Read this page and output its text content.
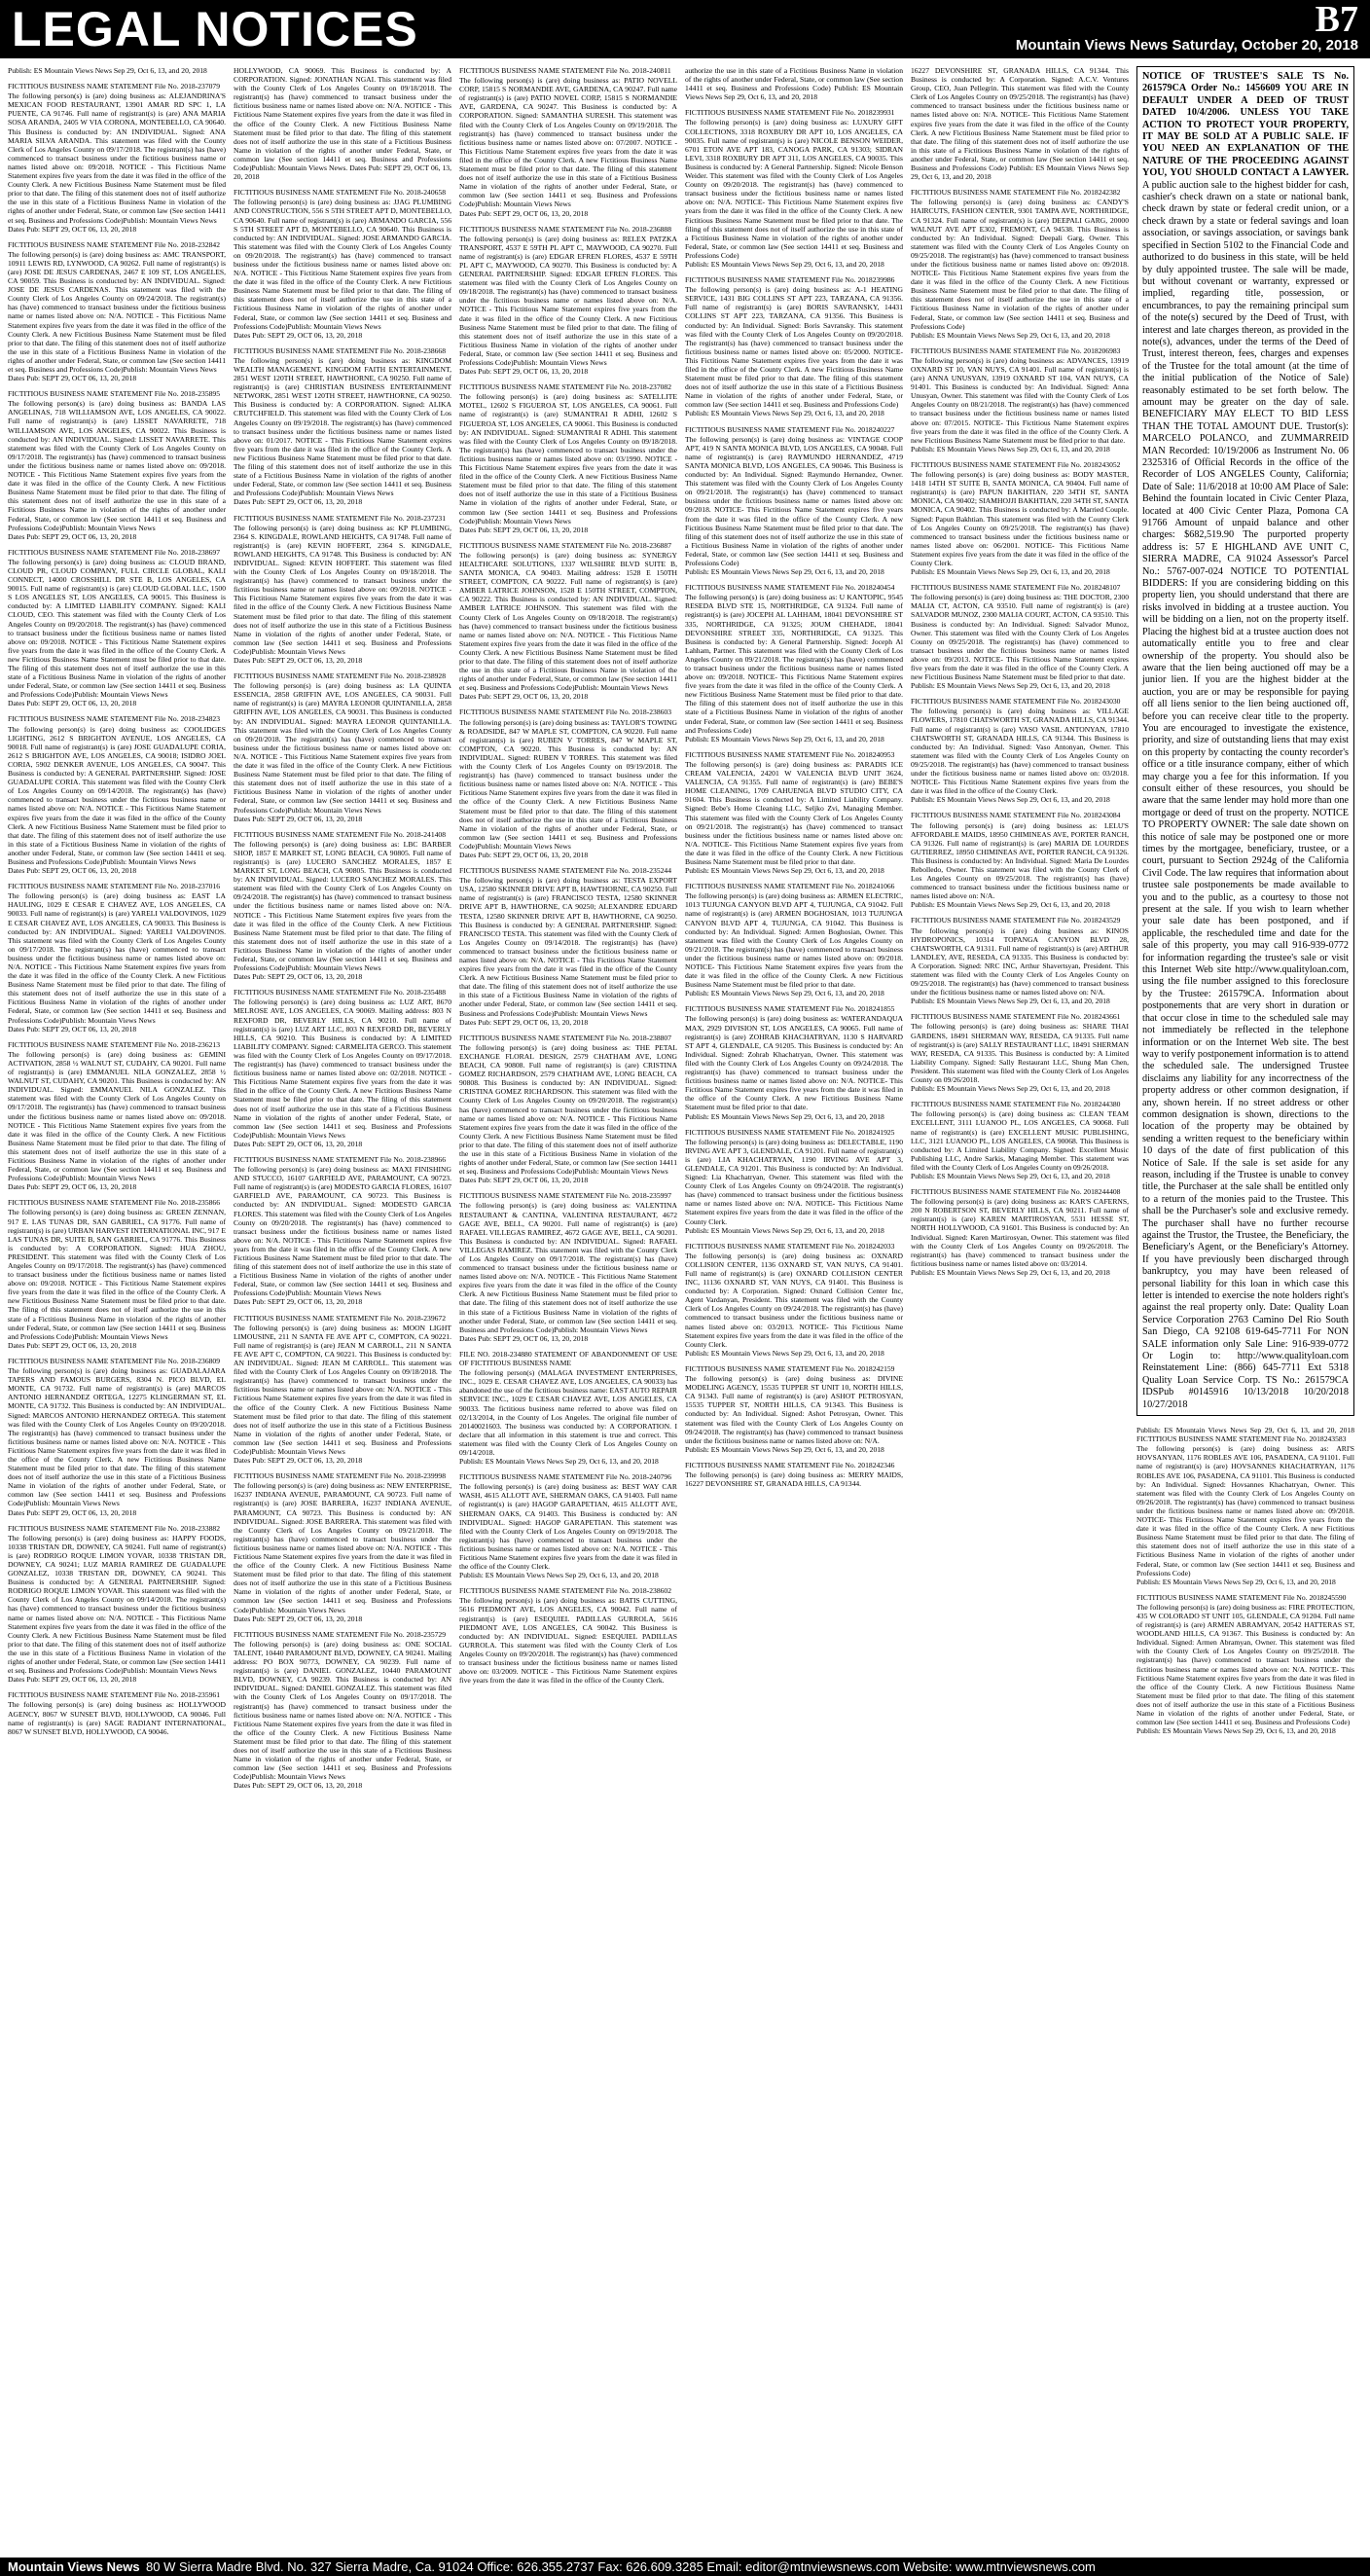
LEGAL NOTICES	B7
Mountain Views News Saturday, October 20, 2018
Publish: ES Mountain Views News Sep 29, Oct 6, 13, and 20, 2018
FICTITIOUS BUSINESS NAME STATEMENT File No. 2018-237079
The following person(s) is (are) doing business as: ALEJANDRINA'S MEXICAN FOOD RESTAURANT, 13901 AMAR RD SPC 1, LA PUENTE, CA 91746. Full name of registrant(s) is (are) ANA MARIA SOSA ARANDA, 2405 W VIA CORONA, MONTEBELLO, CA 90640. This Business is conducted by: AN INDIVIDUAL. Signed: ANA MARIA SILVA ARANDA. This statement was filed with the County Clerk of Los Angeles County on 09/17/2018. The registrant(s) has (have) commenced to transact business under the fictitious business name or names listed above on: 09/2018. NOTICE - This Fictitious Name Statement expires five years from the date it was filed in the office of the County Clerk. A new Fictitious Business Name Statement must be filed prior to that date. The filing of this statement does not of itself authorize the use in this state of a Fictitious Business Name in violation of the rights of another under Federal, State, or common law (See section 14411 et seq. Business and Professions Code)Publish: Mountain Views News
Dates Pub: SEPT 29, OCT 06, 13, 20, 2018
FICTITIOUS BUSINESS NAME STATEMENT File No. 2018-232842
The following person(s) is (are) doing business as: AMC TRANSPORT, 10911 LEWIS RD, LYNWOOD, CA 90262. Full name of registrant(s) is (are) JOSE DE JESUS CARDENAS, 2467 E 109 ST, LOS ANGELES, CA 90059. This Business is conducted by: AN INDIVIDUAL. Signed: JOSE DE JESUS CARDENAS. This statement was filed with the County Clerk of Los Angeles County on 09/24/2018. The registrant(s) has (have) commenced to transact business under the fictitious business name or names listed above on: N/A. NOTICE - This Fictitious Name Statement expires five years from the date it was filed in the office of the County Clerk. A new Fictitious Business Name Statement must be filed prior to that date. The filing of this statement does not of itself authorize the use in this state of a Fictitious Business Name in violation of the rights of another under Federal, State, or common law (See section 14411 et seq. Business and Professions Code)Publish: Mountain Views News
Dates Pub: SEPT 29, OCT 06, 13, 20, 2018
FICTITIOUS BUSINESS NAME STATEMENT File No. 2018-235895
The following person(s) is (are) doing business as: BANDA LAS ANGELINAS, 718 WILLIAMSON AVE, LOS ANGELES, CA 90022. Full name of registrant(s) is (are) LISSET NAVARRETE, 718 WILLIAMSON AVE, LOS ANGELES, CA 90022. This Business is conducted by: AN INDIVIDUAL. Signed: LISSET NAVARRETE. This statement was filed with the County Clerk of Los Angeles County on 09/17/2018. The registrant(s) has (have) commenced to transact business under the fictitious business name or names listed above on: 09/2018. NOTICE - This Fictitious Name Statement expires five years from the date it was filed in the office of the County Clerk. A new Fictitious Business Name Statement must be filed prior to that date. The filing of this statement does not of itself authorize the use in this state of a Fictitious Business Name in violation of the rights of another under Federal, State, or common law (See section 14411 et seq. Business and Professions Code)Publish: Mountain Views News
Dates Pub: SEPT 29, OCT 06, 13, 20, 2018
FICTITIOUS BUSINESS NAME STATEMENT File No. 2018-238697
The following person(s) is (are) doing business as: CLOUD BRAND, CLOUD PR, CLOUD COMPANY, FULL CIRCLE GLOBAL, KALI CONNECT, 14000 CROSSHILL DR STE B, LOS ANGELES, CA 90015. Full name of registrant(s) is (are) CLOUD GLOBAL LLC, 1500 S LOS ANGELES ST, LOS ANGELES, CA 90015. This Business is conducted by: A LIMITED LIABILITY COMPANY. Signed: KALI CLOUD, CEO. This statement was filed with the County Clerk of Los Angeles County on 09/20/2018. The registrant(s) has (have) commenced to transact business under the fictitious business name or names listed above on: 09/2018. NOTICE - This Fictitious Name Statement expires five years from the date it was filed in the office of the County Clerk. A new Fictitious Business Name Statement must be filed prior to that date. The filing of this statement does not of itself authorize the use in this state of a Fictitious Business Name in violation of the rights of another under Federal, State, or common law (See section 14411 et seq. Business and Professions Code)Publish: Mountain Views News
Dates Pub: SEPT 29, OCT 06, 13, 20, 2018
FICTITIOUS BUSINESS NAME STATEMENT File No. 2018-234823
The following person(s) is (are) doing business as: COOLIDGES LIGHTING, 2612 S BRIGHTON AVENUE, LOS ANGELES, CA 90018. Full name of registrant(s) is (are) JOSE GUADALUPE CORIA, 2612 S BRIGHTON AVE, LOS ANGELES, CA 90018; ISIDRO JOEL CORIA, 5902 DENKER AVENUE, LOS ANGELES, CA 90047. This Business is conducted by: A GENERAL PARTNERSHIP. Signed: JOSE GUADALUPE CORIA. This statement was filed with the County Clerk of Los Angeles County on 09/14/2018. The registrant(s) has (have) commenced to transact business under the fictitious business name or names listed above on: N/A. NOTICE - This Fictitious Name Statement expires five years from the date it was filed in the office of the County Clerk. A new Fictitious Business Name Statement must be filed prior to that date. The filing of this statement does not of itself authorize the use in this state of a Fictitious Business Name in violation of the rights of another under Federal, State, or common law (See section 14411 et seq. Business and Professions Code)Publish: Mountain Views News
Dates Pub: SEPT 29, OCT 06, 13, 20, 2018
FICTITIOUS BUSINESS NAME STATEMENT File No. 2018-237016
The following person(s) is (are) doing business as: EAST LA HAULING, 1029 E CESAR E CHAVEZ AVE, LOS ANGELES, CA 90033. Full name of registrant(s) is (are) YARELI VALDOVINOS, 1029 E CESAR CHAVEZ AVE, LOS ANGELES, CA 90033. This Business is conducted by: AN INDIVIDUAL. Signed: YARELI VALDOVINOS. This statement was filed with the County Clerk of Los Angeles County on 09/17/2018. The registrant(s) has (have) commenced to transact business under the fictitious business name or names listed above on: N/A. NOTICE - This Fictitious Name Statement expires five years from the date it was filed in the office of the County Clerk. A new Fictitious Business Name Statement must be filed prior to that date. The filing of this statement does not of itself authorize the use in this state of a Fictitious Business Name in violation of the rights of another under Federal, State, or common law (See section 14411 et seq. Business and Professions Code)Publish: Mountain Views News
Dates Pub: SEPT 29, OCT 06, 13, 20, 2018
FICTITIOUS BUSINESS NAME STATEMENT File No. 2018-236213
The following person(s) is (are) doing business as: GEMINI ACTIVATION, 2858 ½ WALNUT ST, CUDAHY, CA 90201. Full name of registrant(s) is (are) EMMANUEL NILA GONZALEZ, 2858 ½ WALNUT ST, CUDAHY, CA 90201. This Business is conducted by: AN INDIVIDUAL. Signed: EMMANUEL NILA GONZALEZ. This statement was filed with the County Clerk of Los Angeles County on 09/17/2018. The registrant(s) has (have) commenced to transact business under the fictitious business name or names listed above on: 09/2018. NOTICE - This Fictitious Name Statement expires five years from the date it was filed in the office of the County Clerk. A new Fictitious Business Name Statement must be filed prior to that date. The filing of this statement does not of itself authorize the use in this state of a Fictitious Business Name in violation of the rights of another under Federal, State, or common law (See section 14411 et seq. Business and Professions Code)Publish: Mountain Views News
Dates Pub: SEPT 29, OCT 06, 13, 20, 2018
FICTITIOUS BUSINESS NAME STATEMENT File No. 2018-235866
The following person(s) is (are) doing business as: GREEN ZENNAN, 917 E. LAS TUNAS DR, SAN GABRIEL, CA 91776. Full name of registrant(s) is (are) URBAN HARVEST INTERNATIONAL INC, 917 E LAS TUNAS DR, SUITE B, SAN GABRIEL, CA 91776. This Business is conducted by: A CORPORATION. Signed: HUA ZHOU, PRESIDENT. This statement was filed with the County Clerk of Los Angeles County on 09/17/2018. The registrant(s) has (have) commenced to transact business under the fictitious business name or names listed above on: 09/2018. NOTICE - This Fictitious Name Statement expires five years from the date it was filed in the office of the County Clerk. A new Fictitious Business Name Statement must be filed prior to that date. The filing of this statement does not of itself authorize the use in this state of a Fictitious Business Name in violation of the rights of another under Federal, State, or common law (See section 14411 et seq. Business and Professions Code)Publish: Mountain Views News
Dates Pub: SEPT 29, OCT 06, 13, 20, 2018
FICTITIOUS BUSINESS NAME STATEMENT File No. 2018-236809
The following person(s) is (are) doing business as: GUADALAJARA TAPERS AND FAMOUS BURGERS, 8304 N. PICO BLVD, EL MONTE, CA 91732. Full name of registrant(s) is (are) MARCOS ANTONIO HERNANDEZ ORTEGA, 12275 KLINGERMAN ST, EL MONTE, CA 91732. This Business is conducted by: AN INDIVIDUAL. Signed: MARCOS ANTONIO HERNANDEZ ORTEGA. This statement was filed with the County Clerk of Los Angeles County on 09/20/2018. The registrant(s) has (have) commenced to transact business under the fictitious business name or names listed above on: N/A. NOTICE - This Fictitious Name Statement expires five years from the date it was filed in the office of the County Clerk. A new Fictitious Business Name Statement must be filed prior to that date. The filing of this statement does not of itself authorize the use in this state of a Fictitious Business Name in violation of the rights of another under Federal, State, or common law (See section 14411 et seq. Business and Professions Code)Publish: Mountain Views News
Dates Pub: SEPT 29, OCT 06, 13, 20, 2018
FICTITIOUS BUSINESS NAME STATEMENT File No. 2018-233882
The following person(s) is (are) doing business as: HAPPY FOODS, 10338 TRISTAN DR, DOWNEY, CA 90241. Full name of registrant(s) is (are) RODRIGO ROQUE LIMON YOVAR, 10338 TRISTAN DR, DOWNEY, CA 90241; LUZ MARIA RAMIREZ DE GUADALUPE GONZALEZ, 10338 TRISTAN DR, DOWNEY, CA 90241. This Business is conducted by: A GENERAL PARTNERSHIP. Signed: RODRIGO ROQUE LIMON YOVAR. This statement was filed with the County Clerk of Los Angeles County on 09/14/2018. The registrant(s) has (have) commenced to transact business under the fictitious business name or names listed above on: N/A. NOTICE - This Fictitious Name Statement expires five years from the date it was filed in the office of the County Clerk. A new Fictitious Business Name Statement must be filed prior to that date. The filing of this statement does not of itself authorize the use in this state of a Fictitious Business Name in violation of the rights of another under Federal, State, or common law (See section 14411 et seq. Business and Professions Code)Publish: Mountain Views News
Dates Pub: SEPT 29, OCT 06, 13, 20, 2018
FICTITIOUS BUSINESS NAME STATEMENT File No. 2018-235961
The following person(s) is (are) doing business as: HOLLYWOOD AGENCY, 8067 W SUNSET BLVD, HOLLYWOOD, CA 90046. Full name of registrant(s) is (are) SAGE RADIANT INTERNATIONAL, 8067 W SUNSET BLVD, HOLLYWOOD, CA 90046.
HOLLYWOOD, CA 90069. This Business is conducted by: A CORPORATION. Signed: JONATHAN NGAI. This statement was filed with the County Clerk of Los Angeles County on 09/18/2018. The registrant(s) has (have) commenced to transact business under the fictitious business name or names listed above on: N/A. NOTICE - This Fictitious Name Statement expires five years from the date it was filed in the office of the County Clerk. A new Fictitious Business Name Statement must be filed prior to that date. The filing of this statement does not of itself authorize the use in this state of a Fictitious Business Name in violation of the rights of another under Federal, State, or common law (See section 14411 et seq. Business and Professions Code)Publish: Mountain Views News. Dates Pub: SEPT 29, OCT 06, 13, 20, 2018
FICTITIOUS BUSINESS NAME STATEMENT File No. 2018-240658
The following person(s) is (are) doing business as: JJAG PLUMBING AND CONSTRUCTION, 556 S 5TH STREET APT D, MONTEBELLO, CA 90640. Full name of registrant(s) is (are) ARMANDO GARCIA, 556 S 5TH STREET APT D, MONTEBELLO, CA 90640. This Business is conducted by: AN INDIVIDUAL. Signed: JOSE ARMANDO GARCIA. This statement was filed with the County Clerk of Los Angeles County on 09/20/2018. The registrant(s) has (have) commenced to transact business under the fictitious business name or names listed above on: N/A. NOTICE - This Fictitious Name Statement expires five years from the date it was filed in the office of the County Clerk. A new Fictitious Business Name Statement must be filed prior to that date. The filing of this statement does not of itself authorize the use in this state of a Fictitious Business Name in violation of the rights of another under Federal, State, or common law (See section 14411 et seq. Business and Professions Code)Publish: Mountain Views News
Dates Pub: SEPT 29, OCT 06, 13, 20, 2018
FICTITIOUS BUSINESS NAME STATEMENT File No. 2018-238668
The following person(s) is (are) doing business as: KINGDOM WEALTH MANAGEMENT, KINGDOM FAITH ENTERTAINMENT, 2851 WEST 120TH STREET, HAWTHORNE, CA 90250. Full name of registrant(s) is (are) CHRISTIAN BUSINESS ENTERTAINMENT NETWORK, 2851 WEST 120TH STREET, HAWTHORNE, CA 90250. This Business is conducted by: A CORPORATION. Signed: ALIKA CRUTCHFIELD. This statement was filed with the County Clerk of Los Angeles County on 09/19/2018. The registrant(s) has (have) commenced to transact business under the fictitious business name or names listed above on: 01/2017. NOTICE - This Fictitious Name Statement expires five years from the date it was filed in the office of the County Clerk. A new Fictitious Business Name Statement must be filed prior to that date. The filing of this statement does not of itself authorize the use in this state of a Fictitious Business Name in violation of the rights of another under Federal, State, or common law (See section 14411 et seq. Business and Professions Code)Publish: Mountain Views News
Dates Pub: SEPT 29, OCT 06, 13, 20, 2018
FICTITIOUS BUSINESS NAME STATEMENT File No. 2018-237231
The following person(s) is (are) doing business as: KP PLUMBING, 2364 S. KINGDALE, ROWLAND HEIGHTS, CA 91748. Full name of registrant(s) is (are) KEVIN HOFFERT, 2364 S. KINGDALE, ROWLAND HEIGHTS, CA 91748. This Business is conducted by: AN INDIVIDUAL. Signed: KEVIN HOFFERT. This statement was filed with the County Clerk of Los Angeles County on 09/18/2018. The registrant(s) has (have) commenced to transact business under the fictitious business name or names listed above on: 09/2018. NOTICE - This Fictitious Name Statement expires five years from the date it was filed in the office of the County Clerk. A new Fictitious Business Name Statement must be filed prior to that date. The filing of this statement does not of itself authorize the use in this state of a Fictitious Business Name in violation of the rights of another under Federal, State, or common law (See section 14411 et seq. Business and Professions Code)Publish: Mountain Views News
Dates Pub: SEPT 29, OCT 06, 13, 20, 2018
FICTITIOUS BUSINESS NAME STATEMENT File No. 2018-238928
The following person(s) is (are) doing business as: LA QUINTA ESSENCIA, 2858 GRIFFIN AVE, LOS ANGELES, CA 90031. Full name of registrant(s) is (are) MAYRA LEONOR QUINTANILLA, 2858 GRIFFIN AVE, LOS ANGELES, CA 90031. This Business is conducted by: AN INDIVIDUAL. Signed: MAYRA LEONOR QUINTANILLA. This statement was filed with the County Clerk of Los Angeles County on 09/20/2018. The registrant(s) has (have) commenced to transact business under the fictitious business name or names listed above on: N/A. NOTICE - This Fictitious Name Statement expires five years from the date it was filed in the office of the County Clerk. A new Fictitious Business Name Statement must be filed prior to that date. The filing of this statement does not of itself authorize the use in this state of a Fictitious Business Name in violation of the rights of another under Federal, State, or common law (See section 14411 et seq. Business and Professions Code)Publish: Mountain Views News
Dates Pub: SEPT 29, OCT 06, 13, 20, 2018
FICTITIOUS BUSINESS NAME STATEMENT File No. 2018-241408
The following person(s) is (are) doing business as: LBC BARBER SHOP, 1857 E MARKET ST, LONG BEACH, CA 90805. Full name of registrant(s) is (are) LUCERO SANCHEZ MORALES, 1857 E MARKET ST, LONG BEACH, CA 90805. This Business is conducted by: AN INDIVIDUAL. Signed: LUCERO SANCHEZ MORALES. This statement was filed with the County Clerk of Los Angeles County on 09/24/2018. The registrant(s) has (have) commenced to transact business under the fictitious business name or names listed above on: N/A. NOTICE - This Fictitious Name Statement expires five years from the date it was filed in the office of the County Clerk. A new Fictitious Business Name Statement must be filed prior to that date. The filing of this statement does not of itself authorize the use in this state of a Fictitious Business Name in violation of the rights of another under Federal, State, or common law (See section 14411 et seq. Business and Professions Code)Publish: Mountain Views News
Dates Pub: SEPT 29, OCT 06, 13, 20, 2018
FICTITIOUS BUSINESS NAME STATEMENT File No. 2018-235488
The following person(s) is (are) doing business as: LUZ ART, 8670 MELROSE AVE, LOS ANGELES, CA 90069. Mailing address: 803 N REXFORD DR, BEVERLY HILLS, CA 90210. Full name of registrant(s) is (are) LUZ ART LLC, 803 N REXFORD DR, BEVERLY HILLS, CA 90210. This Business is conducted by: A LIMITED LIABILITY COMPANY. Signed: CARMELITA GERCO. This statement was filed with the County Clerk of Los Angeles County on 09/17/2018. The registrant(s) has (have) commenced to transact business under the fictitious business name or names listed above on: 02/2018. NOTICE - This Fictitious Name Statement expires five years from the date it was filed in the office of the County Clerk. A new Fictitious Business Name Statement must be filed prior to that date. The filing of this statement does not of itself authorize the use in this state of a Fictitious Business Name in violation of the rights of another under Federal, State, or common law (See section 14411 et seq. Business and Professions Code)Publish: Mountain Views News
Dates Pub: SEPT 29, OCT 06, 13, 20, 2018
FICTITIOUS BUSINESS NAME STATEMENT File No. 2018-238966
The following person(s) is (are) doing business as: MAXI FINISHING AND STUCCO, 16107 GARFIELD AVE, PARAMOUNT, CA 90723. Full name of registrant(s) is (are) MODESTO GARCIA FLORES, 16107 GARFIELD AVE, PARAMOUNT, CA 90723. This Business is conducted by: AN INDIVIDUAL. Signed: MODESTO GARCIA FLORES. This statement was filed with the County Clerk of Los Angeles County on 09/20/2018. The registrant(s) has (have) commenced to transact business under the fictitious business name or names listed above on: N/A. NOTICE - This Fictitious Name Statement expires five years from the date it was filed in the office of the County Clerk. A new Fictitious Business Name Statement must be filed prior to that date. The filing of this statement does not of itself authorize the use in this state of a Fictitious Business Name in violation of the rights of another under Federal, State, or common law (See section 14411 et seq. Business and Professions Code)Publish: Mountain Views News
Dates Pub: SEPT 29, OCT 06, 13, 20, 2018
FICTITIOUS BUSINESS NAME STATEMENT File No. 2018-239672
The following person(s) is (are) doing business as: MOON LIGHT LIMOUSINE, 211 N SANTA FE AVE APT C, COMPTON, CA 90221. Full name of registrant(s) is (are) JEAN M CARROLL, 211 N SANTA FE AVE APT C, COMPTON, CA 90221. This Business is conducted by: AN INDIVIDUAL. Signed: JEAN M CARROLL. This statement was filed with the County Clerk of Los Angeles County on 09/18/2018. The registrant(s) has (have) commenced to transact business under the fictitious business name or names listed above on: N/A. NOTICE - This Fictitious Name Statement expires five years from the date it was filed in the office of the County Clerk. A new Fictitious Business Name Statement must be filed prior to that date. The filing of this statement does not of itself authorize the use in this state of a Fictitious Business Name in violation of the rights of another under Federal, State, or common law (See section 14411 et seq. Business and Professions Code)Publish: Mountain Views News
Dates Pub: SEPT 29, OCT 06, 13, 20, 2018
FICTITIOUS BUSINESS NAME STATEMENT File No. 2018-239998
The following person(s) is (are) doing business as: NEW ENTERPRISE, 16237 INDIANA AVENUE, PARAMOUNT, CA 90723. Full name of registrant(s) is (are) JOSE BARRERA, 16237 INDIANA AVENUE, PARAMOUNT, CA 90723. This Business is conducted by: AN INDIVIDUAL. Signed: JOSE BARRERA. This statement was filed with the County Clerk of Los Angeles County on 09/21/2018. The registrant(s) has (have) commenced to transact business under the fictitious business name or names listed above on: N/A. NOTICE - This Fictitious Name Statement expires five years from the date it was filed in the office of the County Clerk. A new Fictitious Business Name Statement must be filed prior to that date. The filing of this statement does not of itself authorize the use in this state of a Fictitious Business Name in violation of the rights of another under Federal, State, or common law (See section 14411 et seq. Business and Professions Code)Publish: Mountain Views News
Dates Pub: SEPT 29, OCT 06, 13, 20, 2018
FICTITIOUS BUSINESS NAME STATEMENT File No. 2018-235729
The following person(s) is (are) doing business as: ONE SOCIAL TALENT, 10440 PARAMOUNT BLVD, DOWNEY, CA 90241. Mailing address: PO BOX 90773, DOWNEY, CA 90239. Full name of registrant(s) is (are) DANIEL GONZALEZ, 10440 PARAMOUNT BLVD, DOWNEY, CA 90239. This Business is conducted by: AN INDIVIDUAL. Signed: DANIEL GONZALEZ. This statement was filed with the County Clerk of Los Angeles County on 09/17/2018. The registrant(s) has (have) commenced to transact business under the fictitious business name or names listed above on: N/A. NOTICE - This Fictitious Name Statement expires five years from the date it was filed in the office of the County Clerk. A new Fictitious Business Name Statement must be filed prior to that date. The filing of this statement does not of itself authorize the use in this state of a Fictitious Business Name in violation of the rights of another under Federal, State, or common law (See section 14411 et seq. Business and Professions Code)Publish: Mountain Views News
Dates Pub: SEPT 29, OCT 06, 13, 20, 2018
FICTITIOUS BUSINESS NAME STATEMENT File No. 2018-240811
The following person(s) is (are) doing business as: PATIO NOVELL CORP, 15815 S NORMANDIE AVE, GARDENA, CA 90247. Full name of registrant(s) is (are) PATIO NOVEL CORP, 15815 S NORMANDIE AVE, GARDENA, CA 90247. This Business is conducted by: A CORPORATION. Signed: SAMANTHA SURESH. This statement was filed with the County Clerk of Los Angeles County on 09/19/2018. The registrant(s) has (have) commenced to transact business under the fictitious business name or names listed above on: 07/2007. NOTICE - This Fictitious Name Statement expires five years from the date it was filed in the office of the County Clerk. A new Fictitious Business Name Statement must be filed prior to that date. The filing of this statement does not of itself authorize the use in this state of a Fictitious Business Name in violation of the rights of another under Federal, State, or common law (See section 14411 et seq. Business and Professions Code)Publish: Mountain Views News
Dates Pub: SEPT 29, OCT 06, 13, 20, 2018
FICTITIOUS BUSINESS NAME STATEMENT File No. 2018-236888
The following person(s) is (are) doing business as: RELEX PATZKA TRANSPORT, 4537 E 59TH PL APT C, MAYWOOD, CA 90270. Full name of registrant(s) is (are) EDGAR EFREN FLORES, 4537 E 59TH PL APT C, MAYWOOD, CA 90270. This Business is conducted by: A GENERAL PARTNERSHIP. Signed: EDGAR EFREN FLORES. This statement was filed with the County Clerk of Los Angeles County on 09/18/2018. The registrant(s) has (have) commenced to transact business under the fictitious business name or names listed above on: N/A. NOTICE - This Fictitious Name Statement expires five years from the date it was filed in the office of the County Clerk. A new Fictitious Business Name Statement must be filed prior to that date. The filing of this statement does not of itself authorize the use in this state of a Fictitious Business Name in violation of the rights of another under Federal, State, or common law (See section 14411 et seq. Business and Professions Code)Publish: Mountain Views News
Dates Pub: SEPT 29, OCT 06, 13, 20, 2018
FICTITIOUS BUSINESS NAME STATEMENT File No. 2018-237082
The following person(s) is (are) doing business as: SATELLITE MOTEL, 12602 S FIGUEROA ST, LOS ANGELES, CA 90061. Full name of registrant(s) is (are) SUMANTRAI R ADHI, 12602 S FIGUEROA ST, LOS ANGELES, CA 90061. This Business is conducted by: AN INDIVIDUAL. Signed: SUMANTRAI R ADHI. This statement was filed with the County Clerk of Los Angeles County on 09/18/2018. The registrant(s) has (have) commenced to transact business under the fictitious business name or names listed above on: 03/1990. NOTICE - This Fictitious Name Statement expires five years from the date it was filed in the office of the County Clerk. A new Fictitious Business Name Statement must be filed prior to that date. The filing of this statement does not of itself authorize the use in this state of a Fictitious Business Name in violation of the rights of another under Federal, State, or common law (See section 14411 et seq. Business and Professions Code)Publish: Mountain Views News
Dates Pub: SEPT 29, OCT 06, 13, 20, 2018
FICTITIOUS BUSINESS NAME STATEMENT File No. 2018-236887
The following person(s) is (are) doing business as: SYNERGY HEALTHCARE SOLUTIONS, 1337 WILSHIRE BLVD SUITE B, SANTA MONICA, CA 90403. Mailing address: 1528 E 150TH STREET, COMPTON, CA 90222. Full name of registrant(s) is (are) AMBER LATRICE JOHNSON, 1528 E 150TH STREET, COMPTON, CA 90222. This Business is conducted by: AN INDIVIDUAL. Signed: AMBER LATRICE JOHNSON. This statement was filed with the County Clerk of Los Angeles County on 09/18/2018. The registrant(s) has (have) commenced to transact business under the fictitious business name or names listed above on: N/A. NOTICE - This Fictitious Name Statement expires five years from the date it was filed in the office of the County Clerk. A new Fictitious Business Name Statement must be filed prior to that date. The filing of this statement does not of itself authorize the use in this state of a Fictitious Business Name in violation of the rights of another under Federal, State, or common law (See section 14411 et seq. Business and Professions Code)Publish: Mountain Views News
Dates Pub: SEPT 29, OCT 06, 13, 20, 2018
FICTITIOUS BUSINESS NAME STATEMENT File No. 2018-238603
The following person(s) is (are) doing business as: TAYLOR'S TOWING & ROADSIDE, 847 W MAPLE ST, COMPTON, CA 90220. Full name of registrant(s) is (are) RUBEN V TORRES, 847 W MAPLE ST, COMPTON, CA 90220. This Business is conducted by: AN INDIVIDUAL. Signed: RUBEN V TORRES. This statement was filed with the County Clerk of Los Angeles County on 09/19/2018. The registrant(s) has (have) commenced to transact business under the fictitious business name or names listed above on: N/A. NOTICE - This Fictitious Name Statement expires five years from the date it was filed in the office of the County Clerk. A new Fictitious Business Name Statement must be filed prior to that date. The filing of this statement does not of itself authorize the use in this state of a Fictitious Business Name in violation of the rights of another under Federal, State, or common law (See section 14411 et seq. Business and Professions Code)Publish: Mountain Views News
Dates Pub: SEPT 29, OCT 06, 13, 20, 2018
FICTITIOUS BUSINESS NAME STATEMENT File No. 2018-235244
The following person(s) is (are) doing business as: TESTA EXPORT USA, 12580 SKINNER DRIVE APT B, HAWTHORNE, CA 90250. Full name of registrant(s) is (are) FRANCISCO TESTA, 12580 SKINNER DRIVE APT B, HAWTHORNE, CA 90250; ALEXANDRE EDUARD TESTA, 12580 SKINNER DRIVE APT B, HAWTHORNE, CA 90250. This Business is conducted by: A GENERAL PARTNERSHIP. Signed: FRANCISCO TESTA. This statement was filed with the County Clerk of Los Angeles County on 09/14/2018. The registrant(s) has (have) commenced to transact business under the fictitious business name or names listed above on: N/A. NOTICE - This Fictitious Name Statement expires five years from the date it was filed in the office of the County Clerk. A new Fictitious Business Name Statement must be filed prior to that date. The filing of this statement does not of itself authorize the use in this state of a Fictitious Business Name in violation of the rights of another under Federal, State, or common law (See section 14411 et seq. Business and Professions Code)Publish: Mountain Views News
Dates Pub: SEPT 29, OCT 06, 13, 20, 2018
FICTITIOUS BUSINESS NAME STATEMENT File No. 2018-238807
The following person(s) is (are) doing business as: THE PETAL EXCHANGE FLORAL DESIGN, 2579 CHATHAM AVE, LONG BEACH, CA 90808. Full name of registrant(s) is (are) CRISTINA GOMEZ RICHARDSON, 2579 CHATHAM AVE, LONG BEACH, CA 90808. This Business is conducted by: AN INDIVIDUAL. Signed: CRISTINA GOMEZ RICHARDSON. This statement was filed with the County Clerk of Los Angeles County on 09/20/2018. The registrant(s) has (have) commenced to transact business under the fictitious business name or names listed above on: N/A. NOTICE - This Fictitious Name Statement expires five years from the date it was filed in the office of the County Clerk. A new Fictitious Business Name Statement must be filed prior to that date. The filing of this statement does not of itself authorize the use in this state of a Fictitious Business Name in violation of the rights of another under Federal, State, or common law (See section 14411 et seq. Business and Professions Code)Publish: Mountain Views News
Dates Pub: SEPT 29, OCT 06, 13, 20, 2018
FICTITIOUS BUSINESS NAME STATEMENT File No. 2018-235997
The following person(s) is (are) doing business as: VALENTINA RESTAURANT & CANTINA, VALENTINA RESTAURANT, 4672 GAGE AVE, BELL, CA 90201. Full name of registrant(s) is (are) RAFAEL VILLEGAS RAMIREZ, 4672 GAGE AVE, BELL, CA 90201. This Business is conducted by: AN INDIVIDUAL. Signed: RAFAEL VILLEGAS RAMIREZ. This statement was filed with the County Clerk of Los Angeles County on 09/17/2018. The registrant(s) has (have) commenced to transact business under the fictitious business name or names listed above on: N/A. NOTICE - This Fictitious Name Statement expires five years from the date it was filed in the office of the County Clerk. A new Fictitious Business Name Statement must be filed prior to that date. The filing of this statement does not of itself authorize the use in this state of a Fictitious Business Name in violation of the rights of another under Federal, State, or common law (See section 14411 et seq. Business and Professions Code)Publish: Mountain Views News
Dates Pub: SEPT 29, OCT 06, 13, 20, 2018
FILE NO. 2018-234880 STATEMENT OF ABANDONMENT OF USE OF FICTITIOUS BUSINESS NAME
The following person(s) (MALAGA INVESTMENT ENTERPRISES, INC., 1029 E. CESAR CHAVEZ AVE, LOS ANGELES, CA 90033) has abandoned the use of the fictitious business name: EAST AUTO REPAIR SERVICE INC., 1029 E CESAR CHAVEZ AVE, LOS ANGELES, CA 90033. The fictitious business name referred to above was filed on 02/13/2014, in the County of Los Angeles. The original file number of 20140021603. The business was conducted by: A CORPORATION. I declare that all information in this statement is true and correct. This statement was filed with the County Clerk of Los Angeles County on 09/14/2018.
Publish: ES Mountain Views News Sep 29, Oct 6, 13, and 20, 2018
FICTITIOUS BUSINESS NAME STATEMENT File No. 2018-240796
The following person(s) is (are) doing business as: BEST WAY CAR WASH, 4615 ALLOTT AVE, SHERMAN OAKS, CA 91403. Full name of registrant(s) is (are) HAGOP GARAPETIAN, 4615 ALLOTT AVE, SHERMAN OAKS, CA 91403. This Business is conducted by: AN INDIVIDUAL. Signed: HAGOP GARAPETIAN. This statement was filed with the County Clerk of Los Angeles County on 09/19/2018. The registrant(s) has (have) commenced to transact business under the fictitious business name or names listed above on: N/A. NOTICE - This Fictitious Name Statement expires five years from the date it was filed in the office of the County Clerk.
Publish: ES Mountain Views News Sep 29, Oct 6, 13, and 20, 2018
FICTITIOUS BUSINESS NAME STATEMENT File No. 2018-238602
The following person(s) is (are) doing business as: BATIS CUTTING, 5616 PIEDMONT AVE, LOS ANGELES, CA 90042. Full name of registrant(s) is (are) ESEQUIEL PADILLAS GURROLA, 5616 PIEDMONT AVE, LOS ANGELES, CA 90042. This Business is conducted by: AN INDIVIDUAL. Signed: ESEQUIEL PADILLAS GURROLA. This statement was filed with the County Clerk of Los Angeles County on 09/20/2018. The registrant(s) has (have) commenced to transact business under the fictitious business name or names listed above on: 03/2009. NOTICE - This Fictitious Name Statement expires five years from the date it was filed in the office of the County Clerk.
authorize the use in this state of a Fictitious Business Name in violation of the rights of another under Federal, State, or common law (See section 14411 et seq. Business and Professions Code) Publish: ES Mountain Views News Sep 29, Oct 6, 13, and 20, 2018
FICTITIOUS BUSINESS NAME STATEMENT File No. 2018239931
The following person(s) is (are) doing business as: LUXURY GIFT COLLECTIONS, 3318 ROXBURY DR APT 10, LOS ANGELES, CA 90035. Full name of registrant(s) is (are) NICOLE BENSON WEIDER, 6701 ETON AVE APT 183, CANOGA PARK, CA 91303; SIDRAN LEVI, 3318 ROXBURY DR APT 311, LOS ANGELES, CA 90035. This Business is conducted by: A General Partnership. Signed: Nicole Benson Weider. This statement was filed with the County Clerk of Los Angeles County on 09/20/2018. The registrant(s) has (have) commenced to transact business under the fictitious business name or names listed above on: N/A. NOTICE- This Fictitious Name Statement expires five years from the date it was filed in the office of the County Clerk. A new Fictitious Business Name Statement must be filed prior to that date. The filing of this statement does not of itself authorize the use in this state of a Fictitious Business Name in violation of the rights of another under Federal, State, or common law (See section 14411 et seq. Business and Professions Code)
Publish: ES Mountain Views News Sep 29, Oct 6, 13, and 20, 2018
FICTITIOUS BUSINESS NAME STATEMENT File No. 2018239986
The following person(s) is (are) doing business as: A-1 HEATING SERVICE, 1431 BIG COLLINS ST APT 223, TARZANA, CA 91356. Full name of registrant(s) is (are) BORIS SAVRANSKY, 14431 COLLINS ST APT 223, TARZANA, CA 91356. This Business is conducted by: An Individual. Signed: Boris Savransky. This statement was filed with the County Clerk of Los Angeles County on 09/20/2018. The registrant(s) has (have) commenced to transact business under the fictitious business name or names listed above on: 05/2000. NOTICE- This Fictitious Name Statement expires five years from the date it was filed in the office of the County Clerk. A new Fictitious Business Name Statement must be filed prior to that date. The filing of this statement does not of itself authorize the use in this state of a Fictitious Business Name in violation of the rights of another under Federal, State, or common law (See section 14411 et seq. Business and Professions Code)
Publish: ES Mountain Views News Sep 29, Oct 6, 13, and 20, 2018
FICTITIOUS BUSINESS NAME STATEMENT File No. 2018240227
The following person(s) is (are) doing business as: VINTAGE COOP APT, 419 N SANTA MONICA BLVD, LOS ANGELES, CA 90048. Full name of registrant(s) is (are) RAYMUNDO HERNANDEZ, 4719 SANTA MONICA BLVD, LOS ANGELES, CA 90046. This Business is conducted by: An Individual. Signed: Raymundo Hernandez, Owner. This statement was filed with the County Clerk of Los Angeles County on 09/21/2018. The registrant(s) has (have) commenced to transact business under the fictitious business name or names listed above on: 09/2018. NOTICE- This Fictitious Name Statement expires five years from the date it was filed in the office of the County Clerk. A new Fictitious Business Name Statement must be filed prior to that date. The filing of this statement does not of itself authorize the use in this state of a Fictitious Business Name in violation of the rights of another under Federal, State, or common law (See section 14411 et seq. Business and Professions Code)
Publish: ES Mountain Views News Sep 29, Oct 6, 13, and 20, 2018
FICTITIOUS BUSINESS NAME STATEMENT File No. 2018240454
The following person(s) is (are) doing business as: U KANTOPIC, 9545 RESEDA BLVD STE 15, NORTHRIDGE, CA 91324. Full name of registrant(s) is (are) JOCEPH AL LAHHAM, 18041 DEVONSHIRE ST 335, NORTHRIDGE, CA 91325; JOUM CHEHADE, 18041 DEVONSHIRE STREET 335, NORTHRIDGE, CA 91325. This Business is conducted by: A General Partnership. Signed: Joceph Al Lahham, Partner. This statement was filed with the County Clerk of Los Angeles County on 09/21/2018. The registrant(s) has (have) commenced to transact business under the fictitious business name or names listed above on: 09/2018. NOTICE- This Fictitious Name Statement expires five years from the date it was filed in the office of the County Clerk. A new Fictitious Business Name Statement must be filed prior to that date. The filing of this statement does not of itself authorize the use in this state of a Fictitious Business Name in violation of the rights of another under Federal, State, or common law (See section 14411 et seq. Business and Professions Code)
Publish: ES Mountain Views News Sep 29, Oct 6, 13, and 20, 2018
FICTITIOUS BUSINESS NAME STATEMENT File No. 2018240953
The following person(s) is (are) doing business as: PARADIS ICE CREAM VALENCIA, 24201 W VALENCIA BLVD UNIT 3624, VALENCIA, CA 91355. Full name of registrant(s) is (are) BEBE'S HOME CLEANING, 1709 CAHUENGA BLVD STUDIO CITY, CA 91604. This Business is conducted by: A Limited Liability Company. Signed: Bebe's Home Cleaning LLC, Seljko Zvi, Managing Member. This statement was filed with the County Clerk of Los Angeles County on 09/21/2018. The registrant(s) has (have) commenced to transact business under the fictitious business name or names listed above on: N/A. NOTICE- This Fictitious Name Statement expires five years from the date it was filed in the office of the County Clerk. A new Fictitious Business Name Statement must be filed prior to that date.
Publish: ES Mountain Views News Sep 29, Oct 6, 13, and 20, 2018
FICTITIOUS BUSINESS NAME STATEMENT File No. 2018241066
The following person(s) is (are) doing business as: ARMEN ELECTRIC, 1013 TUJUNGA CANYON BLVD APT 4, TUJUNGA, CA 91042. Full name of registrant(s) is (are) ARMEN BOGHOSIAN, 1013 TUJUNGA CANYON BLVD APT 4, TUJUNGA, CA 91042. This Business is conducted by: An Individual. Signed: Armen Boghosian, Owner. This statement was filed with the County Clerk of Los Angeles County on 09/21/2018. The registrant(s) has (have) commenced to transact business under the fictitious business name or names listed above on: 09/2018. NOTICE- This Fictitious Name Statement expires five years from the date it was filed in the office of the County Clerk. A new Fictitious Business Name Statement must be filed prior to that date.
Publish: ES Mountain Views News Sep 29, Oct 6, 13, and 20, 2018
FICTITIOUS BUSINESS NAME STATEMENT File No. 2018241855
The following person(s) is (are) doing business as: WATERANDAQUA MAX, 2929 DIVISION ST, LOS ANGELES, CA 90065. Full name of registrant(s) is (are) ZOHRAB KHACHATRYAN, 1130 S HARVARD ST APT 4, GLENDALE, CA 91205. This Business is conducted by: An Individual. Signed: Zohrab Khachatryan, Owner. This statement was filed with the County Clerk of Los Angeles County on 09/24/2018. The registrant(s) has (have) commenced to transact business under the fictitious business name or names listed above on: N/A. NOTICE- This Fictitious Name Statement expires five years from the date it was filed in the office of the County Clerk. A new Fictitious Business Name Statement must be filed prior to that date.
Publish: ES Mountain Views News Sep 29, Oct 6, 13, and 20, 2018
FICTITIOUS BUSINESS NAME STATEMENT File No. 2018241925
The following person(s) is (are) doing business as: DELECTABLE, 1190 IRVING AVE APT 3, GLENDALE, CA 91201. Full name of registrant(s) is (are) LIA KHACHATRYAN, 1190 IRVING AVE APT 3, GLENDALE, CA 91201. This Business is conducted by: An Individual. Signed: Lia Khachatryan, Owner. This statement was filed with the County Clerk of Los Angeles County on 09/24/2018. The registrant(s) has (have) commenced to transact business under the fictitious business name or names listed above on: N/A. NOTICE- This Fictitious Name Statement expires five years from the date it was filed in the office of the County Clerk.
Publish: ES Mountain Views News Sep 29, Oct 6, 13, and 20, 2018
FICTITIOUS BUSINESS NAME STATEMENT File No. 2018242033
The following person(s) is (are) doing business as: OXNARD COLLISION CENTER, 1136 OXNARD ST, VAN NUYS, CA 91401. Full name of registrant(s) is (are) OXNARD COLLISION CENTER INC, 11136 OXNARD ST, VAN NUYS, CA 91401. This Business is conducted by: A Corporation. Signed: Oxnard Collision Center Inc, Agent Vardanyan, President. This statement was filed with the County Clerk of Los Angeles County on 09/24/2018. The registrant(s) has (have) commenced to transact business under the fictitious business name or names listed above on: 03/2013. NOTICE- This Fictitious Name Statement expires five years from the date it was filed in the office of the County Clerk.
Publish: ES Mountain Views News Sep 29, Oct 6, 13, and 20, 2018
FICTITIOUS BUSINESS NAME STATEMENT File No. 2018242159
The following person(s) is (are) doing business as: DIVINE MODELING AGENCY, 15535 TUPPER ST UNIT 10, NORTH HILLS, CA 91343. Full name of registrant(s) is (are) ASHOT PETROSYAN, 15535 TUPPER ST, NORTH HILLS, CA 91343. This Business is conducted by: An Individual. Signed: Ashot Petrosyan, Owner. This statement was filed with the County Clerk of Los Angeles County on 09/24/2018. The registrant(s) has (have) commenced to transact business under the fictitious business name or names listed above on: N/A.
Publish: ES Mountain Views News Sep 29, Oct 6, 13, and 20, 2018
FICTITIOUS BUSINESS NAME STATEMENT File No. 2018242346
The following person(s) is (are) doing business as: MERRY MAIDS, 16227 DEVONSHIRE ST, GRANADA HILLS, CA 91344.
16227 DEVONSHIRE ST, GRANADA HILLS, CA 91344. This Business is conducted by: A Corporation. Signed: A.C.V. Ventures Group, CEO, Juan Pellegrin. This statement was filed with the County Clerk of Los Angeles County on 09/25/2018. The registrant(s) has (have) commenced to transact business under the fictitious business name or names listed above on: N/A. NOTICE- This Fictitious Name Statement expires five years from the date it was filed in the office of the County Clerk. A new Fictitious Business Name Statement must be filed prior to that date. The filing of this statement does not of itself authorize the use in this state of a Fictitious Business Name in violation of the rights of another under Federal, State, or common law (See section 14411 et seq. Business and Professions Code) Publish: ES Mountain Views News Sep 29, Oct 6, 13, and 20, 2018
FICTITIOUS BUSINESS NAME STATEMENT File No. 2018242382
The following person(s) is (are) doing business as: CANDY'S HAIRCUTS, FASHION CENTER, 9301 TAMPA AVE, NORTHRIDGE, CA 91324. Full name of registrant(s) is (are) DEEPALI GARG, 20000 WALNUT AVE APT E302, FREMONT, CA 94538. This Business is conducted by: An Individual. Signed: Deepali Garg, Owner. This statement was filed with the County Clerk of Los Angeles County on 09/25/2018. The registrant(s) has (have) commenced to transact business under the fictitious business name or names listed above on: 09/2018. NOTICE- This Fictitious Name Statement expires five years from the date it was filed in the office of the County Clerk. A new Fictitious Business Name Statement must be filed prior to that date. The filing of this statement does not of itself authorize the use in this state of a Fictitious Business Name in violation of the rights of another under Federal, State, or common law (See section 14411 et seq. Business and Professions Code)
Publish: ES Mountain Views News Sep 29, Oct 6, 13, and 20, 2018
FICTITIOUS BUSINESS NAME STATEMENT File No. 2018206983
The following person(s) is (are) doing business as: ADVANCES, 13919 OXNARD ST 10, VAN NUYS, CA 91401. Full name of registrant(s) is (are) ANNA UNUSYAN, 13919 OXNARD ST 104, VAN NUYS, CA 91401. This Business is conducted by: An Individual. Signed: Anna Unusyan, Owner. This statement was filed with the County Clerk of Los Angeles County on 08/21/2018. The registrant(s) has (have) commenced to transact business under the fictitious business name or names listed above on: 07/2015. NOTICE- This Fictitious Name Statement expires five years from the date it was filed in the office of the County Clerk. A new Fictitious Business Name Statement must be filed prior to that date.
Publish: ES Mountain Views News Sep 29, Oct 6, 13, and 20, 2018
FICTITIOUS BUSINESS NAME STATEMENT File No. 2018243052
The following person(s) is (are) doing business as: BODY MASTER, 1418 14TH ST SUITE B, SANTA MONICA, CA 90404. Full name of registrant(s) is (are) PAPUN BAKHTIAN, 220 34TH ST, SANTA MONICA, CA 90402; SIAMHOJJI BAKHTIAN, 220 34TH ST, SANTA MONICA, CA 90402. This Business is conducted by: A Married Couple. Signed: Papun Bakhtian. This statement was filed with the County Clerk of Los Angeles County on 09/25/2018. The registrant(s) has (have) commenced to transact business under the fictitious business name or names listed above on: 06/2001. NOTICE- This Fictitious Name Statement expires five years from the date it was filed in the office of the County Clerk.
Publish: ES Mountain Views News Sep 29, Oct 6, 13, and 20, 2018
FICTITIOUS BUSINESS NAME STATEMENT File No. 2018248107
The following person(s) is (are) doing business as: THE DOCTOR, 2300 MALIA CT, ACTON, CA 93510. Full name of registrant(s) is (are) SALVADOR MUNOZ, 2300 MALIA COURT, ACTON, CA 93510. This Business is conducted by: An Individual. Signed: Salvador Munoz, Owner. This statement was filed with the County Clerk of Los Angeles County on 09/25/2018. The registrant(s) has (have) commenced to transact business under the fictitious business name or names listed above on: 09/2013. NOTICE- This Fictitious Name Statement expires five years from the date it was filed in the office of the County Clerk. A new Fictitious Business Name Statement must be filed prior to that date.
Publish: ES Mountain Views News Sep 29, Oct 6, 13, and 20, 2018
FICTITIOUS BUSINESS NAME STATEMENT File No. 2018243030
The following person(s) is (are) doing business as: VILLAGE FLOWERS, 17810 CHATSWORTH ST, GRANADA HILLS, CA 91344. Full name of registrant(s) is (are) VASO VASIL ANTONYAN, 17810 CHATSWORTH ST, GRANADA HILLS, CA 91344. This Business is conducted by: An Individual. Signed: Vaso Antonyan, Owner. This statement was filed with the County Clerk of Los Angeles County on 09/25/2018. The registrant(s) has (have) commenced to transact business under the fictitious business name or names listed above on: 03/2018. NOTICE- This Fictitious Name Statement expires five years from the date it was filed in the office of the County Clerk.
Publish: ES Mountain Views News Sep 29, Oct 6, 13, and 20, 2018
FICTITIOUS BUSINESS NAME STATEMENT File No. 2018243084
The following person(s) is (are) doing business as: LELU'S AFFORDABLE MAIDS, 18950 CHIMINEAS AVE, PORTER RANCH, CA 91326. Full name of registrant(s) is (are) MARIA DE LOURDES GUTIERREZ, 18950 CHIMINEAS AVE, PORTER RANCH, CA 91326. This Business is conducted by: An Individual. Signed: Maria De Lourdes Rebolledo, Owner. This statement was filed with the County Clerk of Los Angeles County on 09/25/2018. The registrant(s) has (have) commenced to transact business under the fictitious business name or names listed above on: N/A.
Publish: ES Mountain Views News Sep 29, Oct 6, 13, and 20, 2018
FICTITIOUS BUSINESS NAME STATEMENT File No. 2018243529
The following person(s) is (are) doing business as: KINOS HYDROPONICS, 10314 TOPANGA CANYON BLVD 28, CHATSWORTH, CA 91311. Full name of registrant(s) is (are) ARTHUR LANDLEY, AVE, RESEDA, CA 91335. This Business is conducted by: A Corporation. Signed: NRC INC, Arthur Shavertsyan, President. This statement was filed with the County Clerk of Los Angeles County on 09/25/2018. The registrant(s) has (have) commenced to transact business under the fictitious business name or names listed above on: N/A.
Publish: ES Mountain Views News Sep 29, Oct 6, 13, and 20, 2018
FICTITIOUS BUSINESS NAME STATEMENT File No. 2018243661
The following person(s) is (are) doing business as: SHARE THAI GARDENS, 18491 SHERMAN WAY, RESEDA, CA 91335. Full name of registrant(s) is (are) SALLY RESTAURANT LLC, 18491 SHERMAN WAY, RESEDA, CA 91335. This Business is conducted by: A Limited Liability Company. Signed: Sally Restaurant LLC, Shung Man Chen, President. This statement was filed with the County Clerk of Los Angeles County on 09/26/2018.
Publish: ES Mountain Views News Sep 29, Oct 6, 13, and 20, 2018
FICTITIOUS BUSINESS NAME STATEMENT File No. 2018244380
The following person(s) is (are) doing business as: CLEAN TEAM EXCELLENT, 3111 LUANOO PL, LOS ANGELES, CA 90068. Full name of registrant(s) is (are) EXCELLENT MUSIC PUBLISHING, LLC, 3121 LUANOO PL, LOS ANGELES, CA 90068. This Business is conducted by: A Limited Liability Company. Signed: Excellent Music Publishing LLC, Andre Sarkis, Managing Member. This statement was filed with the County Clerk of Los Angeles County on 09/26/2018.
Publish: ES Mountain Views News Sep 29, Oct 6, 13, and 20, 2018
FICTITIOUS BUSINESS NAME STATEMENT File No. 2018244408
The following person(s) is (are) doing business as: KAR'S CAFERNS, 200 N ROBERTSON ST, BEVERLY HILLS, CA 90211. Full name of registrant(s) is (are) KAREN MARTIROSYAN, 5531 HESSE ST, NORTH HOLLYWOOD, CA 91601. This Business is conducted by: An Individual. Signed: Karen Martirosyan, Owner. This statement was filed with the County Clerk of Los Angeles County on 09/26/2018. The registrant(s) has (have) commenced to transact business under the fictitious business name or names listed above on: 03/2014.
Publish: ES Mountain Views News Sep 29, Oct 6, 13, and 20, 2018
NOTICE OF TRUSTEE'S SALE TS No. 261579CA Order No.: 1456609 YOU ARE IN DEFAULT UNDER A DEED OF TRUST DATED 10/4/2006. UNLESS YOU TAKE ACTION TO PROTECT YOUR PROPERTY, IT MAY BE SOLD AT A PUBLIC SALE. IF YOU NEED AN EXPLANATION OF THE NATURE OF THE PROCEEDING AGAINST YOU, YOU SHOULD CONTACT A LAWYER. A public auction sale to the highest bidder for cash, cashier's check drawn on a state or national bank, check drawn by state or federal credit union, or a check drawn by a state or federal savings and loan association, or savings association, or savings bank specified in Section 5102 to the Financial Code and authorized to do business in this state, will be held by duly appointed trustee. The sale will be made, but without covenant or warranty, expressed or implied, regarding title, possession, or encumbrances, to pay the remaining principal sum of the note(s) secured by the Deed of Trust, with interest and late charges thereon, as provided in the note(s), advances, under the terms of the Deed of Trust, interest thereon, fees, charges and expenses of the Trustee for the total amount (at the time of the initial publication of the Notice of Sale) reasonably estimated to be set forth below. The amount may be greater on the day of sale. BENEFICIARY MAY ELECT TO BID LESS THAN THE TOTAL AMOUNT DUE. Trustor(s): MARCELO POLANCO, and ZUMMARREID MAN Recorded: 10/19/2006 as Instrument No. 06 2325316 of Official Records in the office of the Recorder of LOS ANGELES County, California; Date of Sale: 11/6/2018 at 10:00 AM Place of Sale: Behind the fountain located in Civic Center Plaza, located at 400 Civic Center Plaza, Pomona CA 91766 Amount of unpaid balance and other charges: $682,519.90 The purported property address is: 57 E HIGHLAND AVE UNIT C, SIERRA MADRE, CA 91024 Assessor's Parcel No.: 5767-007-024 NOTICE TO POTENTIAL BIDDERS: If you are considering bidding on this property lien, you should understand that there are risks involved in bidding at a trustee auction. You will be bidding on a lien, not on the property itself. Placing the highest bid at a trustee auction does not automatically entitle you to free and clear ownership of the property. You should also be aware that the lien being auctioned off may be a junior lien. If you are the highest bidder at the auction, you are or may be responsible for paying off all liens senior to the lien being auctioned off, before you can receive clear title to the property. You are encouraged to investigate the existence, priority, and size of outstanding liens that may exist on this property by contacting the county recorder's office or a title insurance company, either of which may charge you a fee for this information. If you consult either of these resources, you should be aware that the same lender may hold more than one mortgage or deed of trust on the property. NOTICE TO PROPERTY OWNER: The sale date shown on this notice of sale may be postponed one or more times by the mortgagee, beneficiary, trustee, or a court, pursuant to Section 2924g of the California Civil Code. The law requires that information about trustee sale postponements be made available to you and to the public, as a courtesy to those not present at the sale. If you wish to learn whether your sale date has been postponed, and if applicable, the rescheduled time and date for the sale of this property, you may call 916-939-0772 for information regarding the trustee's sale or visit this Internet Web site http://www.qualityloan.com, using the file number assigned to this foreclosure by the Trustee: 261579CA. Information about postponements that are very short in duration or that occur close in time to the scheduled sale may not immediately be reflected in the telephone information or on the Internet Web site. The best way to verify postponement information is to attend the scheduled sale. The undersigned Trustee disclaims any liability for any incorrectness of the property address or other common designation, if any, shown herein. If no street address or other common designation is shown, directions to the location of the property may be obtained by sending a written request to the beneficiary within 10 days of the date of first publication of this Notice of Sale. If the sale is set aside for any reason, including if the Trustee is unable to convey title, the Purchaser at the sale shall be entitled only to a return of the monies paid to the Trustee. This shall be the Purchaser's sole and exclusive remedy. The purchaser shall have no further recourse against the Trustor, the Trustee, the Beneficiary, the Beneficiary's Agent, or the Beneficiary's Attorney. If you have previously been discharged through bankruptcy, you may have been released of personal liability for this loan in which case this letter is intended to exercise the note holders right's against the real property only. Date: Quality Loan Service Corporation 2763 Camino Del Rio South San Diego, CA 92108 619-645-7711 For NON SALE information only Sale Line: 916-939-0772 Or Login to: http://www.qualityloan.com Reinstatement Line: (866) 645-7711 Ext 5318 Quality Loan Service Corp. TS No.: 261579CA IDSPub #0145916 10/13/2018 10/20/2018 10/27/2018
Publish: ES Mountain Views News Sep 29, Oct 6, 13, and 20, 2018 FICTITIOUS BUSINESS NAME STATEMENT File No. 2018243583
The following person(s) is (are) doing business as: ARI'S HOVSANYAN, 1176 ROBLES AVE 106, PASADENA, CA 91101. Full name of registrant(s) is (are) HOVSANNES KHACHATRYAN, 1176 ROBLES AVE 106, PASADENA, CA 91101. This Business is conducted by: An Individual. Signed: Hovsannes Khachatryan, Owner. This statement was filed with the County Clerk of Los Angeles County on 09/26/2018. The registrant(s) has (have) commenced to transact business under the fictitious business name or names listed above on: 09/2018. NOTICE- This Fictitious Name Statement expires five years from the date it was filed in the office of the County Clerk. A new Fictitious Business Name Statement must be filed prior to that date. The filing of this statement does not of itself authorize the use in this state of a Fictitious Business Name in violation of the rights of another under Federal, State, or common law (See section 14411 et seq. Business and Professions Code)
Publish: ES Mountain Views News Sep 29, Oct 6, 13, and 20, 2018
FICTITIOUS BUSINESS NAME STATEMENT File No. 2018245590
The following person(s) is (are) doing business as: FIRE PROTECTION, 435 W COLORADO ST UNIT 105, GLENDALE, CA 91204. Full name of registrant(s) is (are) ARMEN ABRAMYAN, 20542 HATTERAS ST, WOODLAND HILLS, CA 91367. This Business is conducted by: An Individual. Signed: Armen Abramyan, Owner. This statement was filed with the County Clerk of Los Angeles County on 09/25/2018. The registrant(s) has (have) commenced to transact business under the fictitious business name or names listed above on: N/A. NOTICE- This Fictitious Name Statement expires five years from the date it was filed in the office of the County Clerk. A new Fictitious Business Name Statement must be filed prior to that date. The filing of this statement does not of itself authorize the use in this state of a Fictitious Business Name in violation of the rights of another under Federal, State, or common law (See section 14411 et seq. Business and Professions Code)
Publish: ES Mountain Views News Sep 29, Oct 6, 13, and 20, 2018
Mountain Views News 80 W Sierra Madre Blvd. No. 327 Sierra Madre, Ca. 91024 Office: 626.355.2737 Fax: 626.609.3285 Email: editor@mtnviewsnews.com Website: www.mtnviewsnews.com
